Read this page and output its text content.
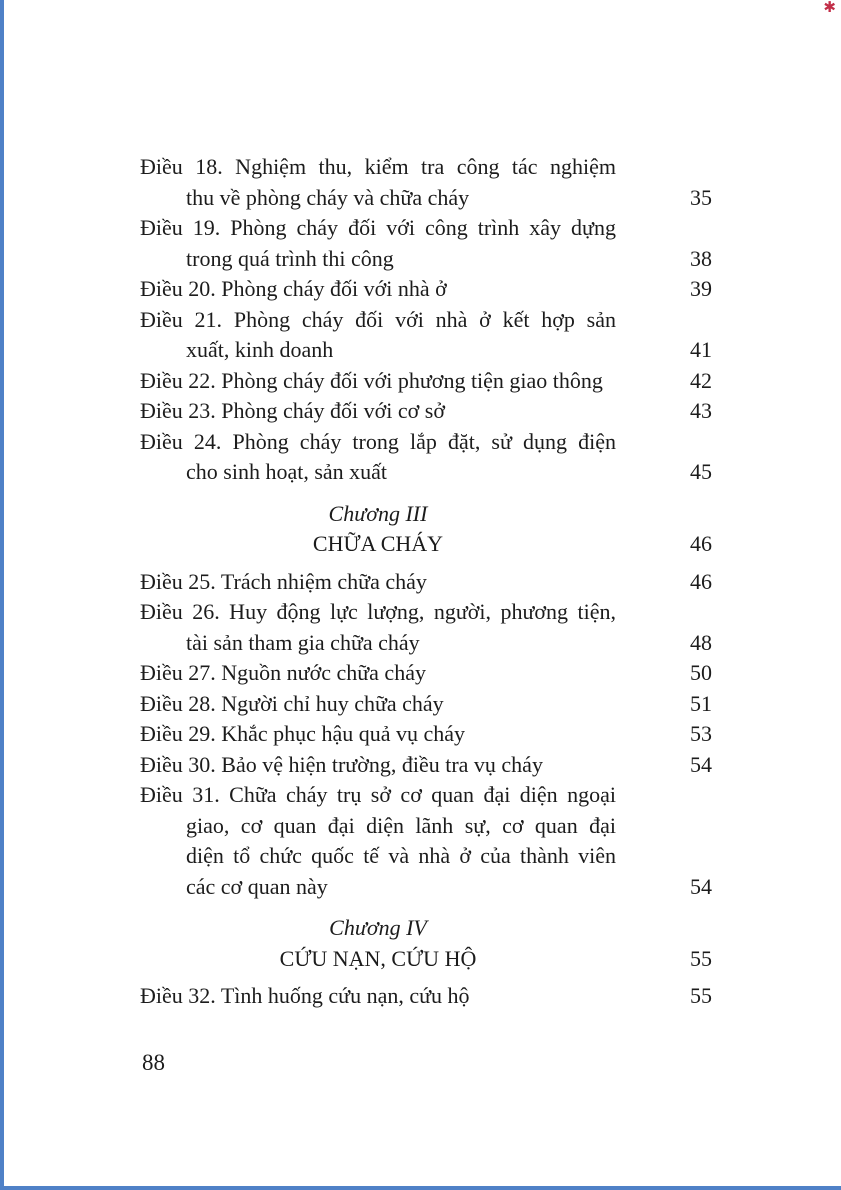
✱
Điều 18. Nghiệm thu, kiểm tra công tác nghiệm
thu về phòng cháy và chữa cháy	35
Điều 19. Phòng cháy đối với công trình xây dựng
trong quá trình thi công	38
Điều 20. Phòng cháy đối với nhà ở	39
Điều 21. Phòng cháy đối với nhà ở kết hợp sản
xuất, kinh doanh	41
Điều 22. Phòng cháy đối với phương tiện giao thông	42
Điều 23. Phòng cháy đối với cơ sở	43
Điều 24. Phòng cháy trong lắp đặt, sử dụng điện
cho sinh hoạt, sản xuất	45
Chương III
CHỮA CHÁY	46
Điều 25. Trách nhiệm chữa cháy	46
Điều 26. Huy động lực lượng, người, phương tiện,
tài sản tham gia chữa cháy	48
Điều 27. Nguồn nước chữa cháy	50
Điều 28. Người chỉ huy chữa cháy	51
Điều 29. Khắc phục hậu quả vụ cháy	53
Điều 30. Bảo vệ hiện trường, điều tra vụ cháy	54
Điều 31. Chữa cháy trụ sở cơ quan đại diện ngoại
giao, cơ quan đại diện lãnh sự, cơ quan đại
diện tổ chức quốc tế và nhà ở của thành viên
các cơ quan này	54
Chương IV
CỨU NẠN, CỨU HỘ	55
Điều 32. Tình huống cứu nạn, cứu hộ	55
88
